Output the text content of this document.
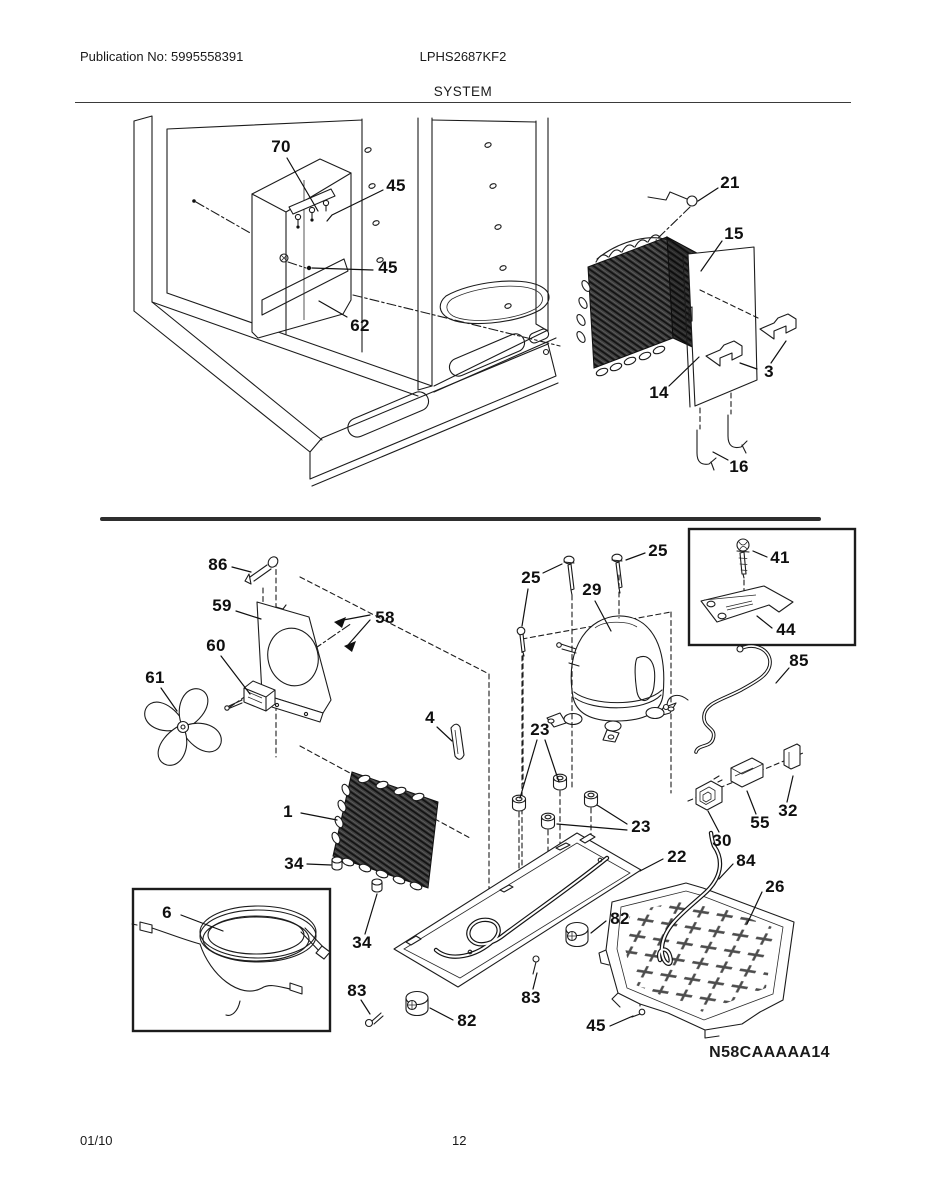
Publication No: 5995558391	LPHS2687KF2
SYSTEM
70
45
45
62
21
15
14
3
16
86
59
58
60
61
25
25
29
41
44
85
4
23
23
30
55
32
1
34
34
22	84
26
6	82
83	83
82	45
N58CAAAAA14
01/10	12
